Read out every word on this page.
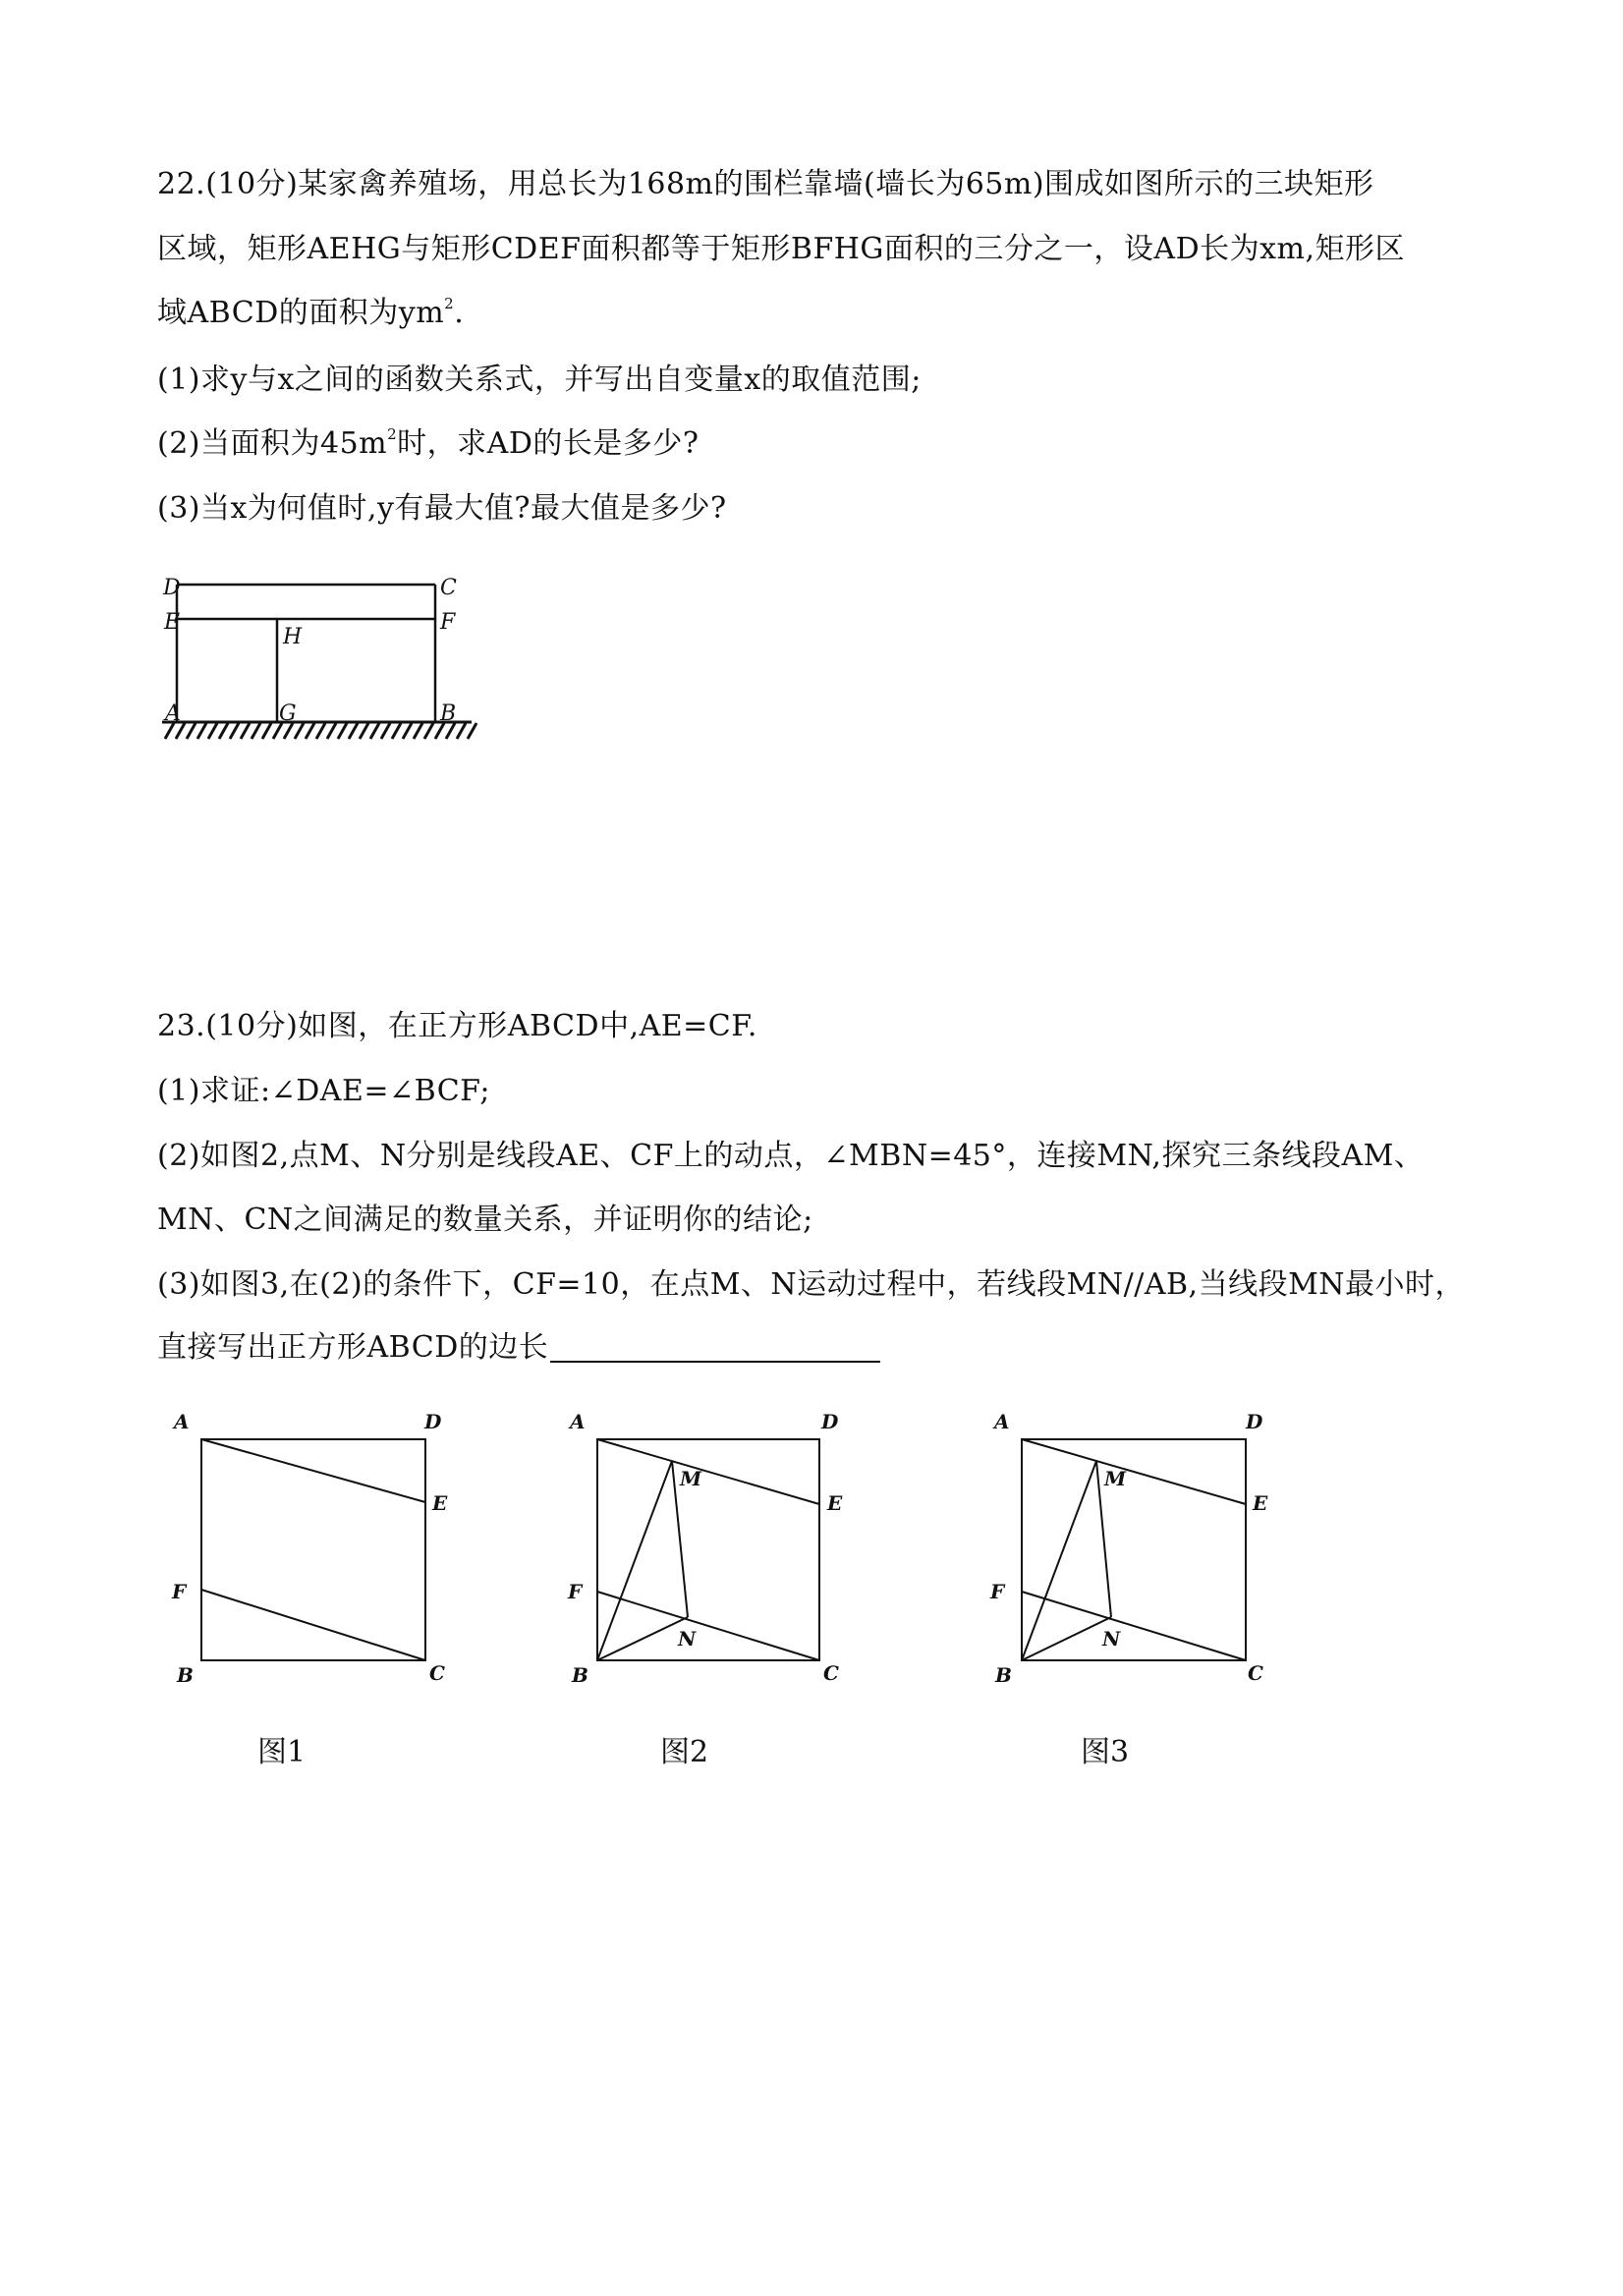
22.(10分)某家禽养殖场，用总长为168m的围栏靠墙(墙长为65m)围成如图所示的三块矩形
区域，矩形AEHG与矩形CDEF面积都等于矩形BFHG面积的三分之一，设AD长为xm,矩形区
域ABCD的面积为$ym^2$.
(1)求y与x之间的函数关系式，并写出自变量x的取值范围;
(2)当面积为$45m^2$时，求AD的长是多少?
(3)当x为何值时,y有最大值?最大值是多少?
D	C
E
H
F
A	G	B
23.(10分)如图，在正方形ABCD中,AE=CF.
(1)求证:∠DAE=∠BCF;
(2)如图2,点M、N分别是线段AE、CF上的动点，∠MBN=45°，连接MN,探究三条线段AM、
MN、CN之间满足的数量关系，并证明你的结论;
(3)如图3,在(2)的条件下，CF=10，在点M、N运动过程中，若线段MN//AB,当线段MN最小时，
直接写出正方形ABCD的边长
A	D
E
F
B	C
A	D
E
F
B	C
M
N
A	D
E
F
B	C
M
N
图1	图2	图3
